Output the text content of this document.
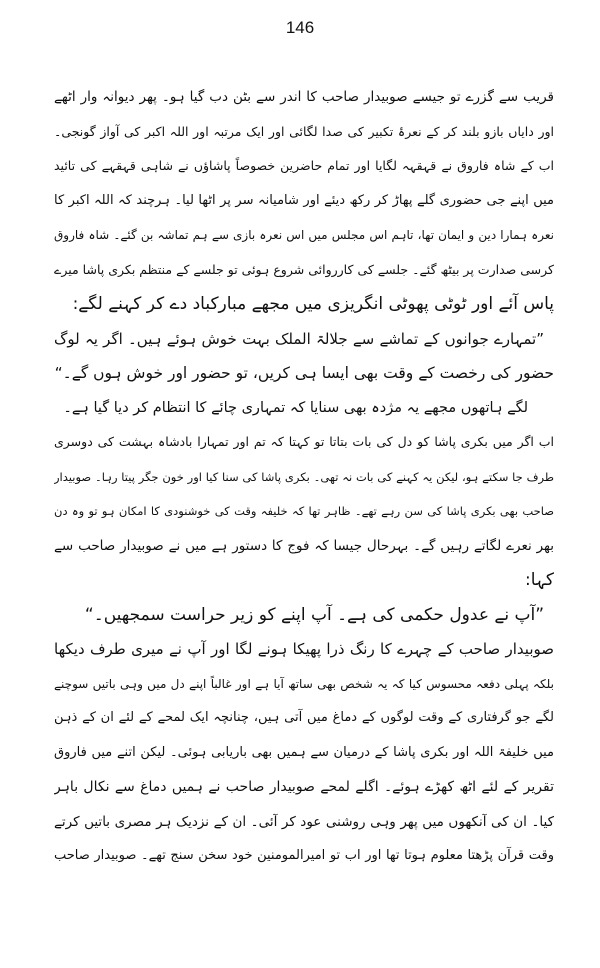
146
قریب سے گزرے تو جیسے صوبیدار صاحب کا اندر سے بٹن دب گیا ہو۔ پھر دیوانہ وار اٹھے
اور دایاں بازو بلند کر کے نعرۂ تکبیر کی صدا لگائی اور ایک مرتبہ اور اللہ اکبر کی آواز گونجی۔
اب کے شاہ فاروق نے قہقہہ لگایا اور تمام حاضرین خصوصاً پاشاؤں نے شاہی قہقہے کی تائید
میں اپنے جی حضوری گلے پھاڑ کر رکھ دیئے اور شامیانہ سر پر اٹھا لیا۔ ہرچند کہ اللہ اکبر کا
نعرہ ہمارا دین و ایمان تھا، تاہم اس مجلس میں اس نعرہ بازی سے ہم تماشہ بن گئے۔ شاہ فاروق
کرسی صدارت پر بیٹھ گئے۔ جلسے کی کارروائی شروع ہوئی تو جلسے کے منتظم بکری پاشا میرے
پاس آئے اور ٹوٹی پھوٹی انگریزی میں مجھے مبارکباد دے کر کہنے لگے:
”تمہارے جوانوں کے تماشے سے جلالۃ الملک بہت خوش ہوئے ہیں۔ اگر یہ لوگ
حضور کی رخصت کے وقت بھی ایسا ہی کریں، تو حضور اور خوش ہوں گے۔“
لگے ہاتھوں مجھے یہ مژدہ بھی سنایا کہ تمہاری چائے کا انتظام کر دیا گیا ہے۔
اب اگر میں بکری پاشا کو دل کی بات بتاتا تو کہتا کہ تم اور تمہارا بادشاہ بہشت کی دوسری
طرف جا سکتے ہو، لیکن یہ کہنے کی بات نہ تھی۔ بکری پاشا کی سنا کیا اور خون جگر پیتا رہا۔ صوبیدار
صاحب بھی بکری پاشا کی سن رہے تھے۔ ظاہر تھا کہ خلیفہ وقت کی خوشنودی کا امکان ہو تو وہ دن
بھر نعرے لگاتے رہیں گے۔ بہرحال جیسا کہ فوج کا دستور ہے میں نے صوبیدار صاحب سے
کہا:
”آپ نے عدول حکمی کی ہے۔ آپ اپنے کو زیر حراست سمجھیں۔“
صوبیدار صاحب کے چہرے کا رنگ ذرا پھیکا ہونے لگا اور آپ نے میری طرف دیکھا
بلکہ پہلی دفعہ محسوس کیا کہ یہ شخص بھی ساتھ آیا ہے اور غالباً اپنے دل میں وہی باتیں سوچنے
لگے جو گرفتاری کے وقت لوگوں کے دماغ میں آتی ہیں، چنانچہ ایک لمحے کے لئے ان کے ذہن
میں خلیفۃ اللہ اور بکری پاشا کے درمیان سے ہمیں بھی باریابی ہوئی۔ لیکن اتنے میں فاروق
تقریر کے لئے اٹھ کھڑے ہوئے۔ اگلے لمحے صوبیدار صاحب نے ہمیں دماغ سے نکال باہر
کیا۔ ان کی آنکھوں میں پھر وہی روشنی عود کر آئی۔ ان کے نزدیک ہر مصری باتیں کرتے
وقت قرآن پڑھتا معلوم ہوتا تھا اور اب تو امیرالمومنین خود سخن سنج تھے۔ صوبیدار صاحب
